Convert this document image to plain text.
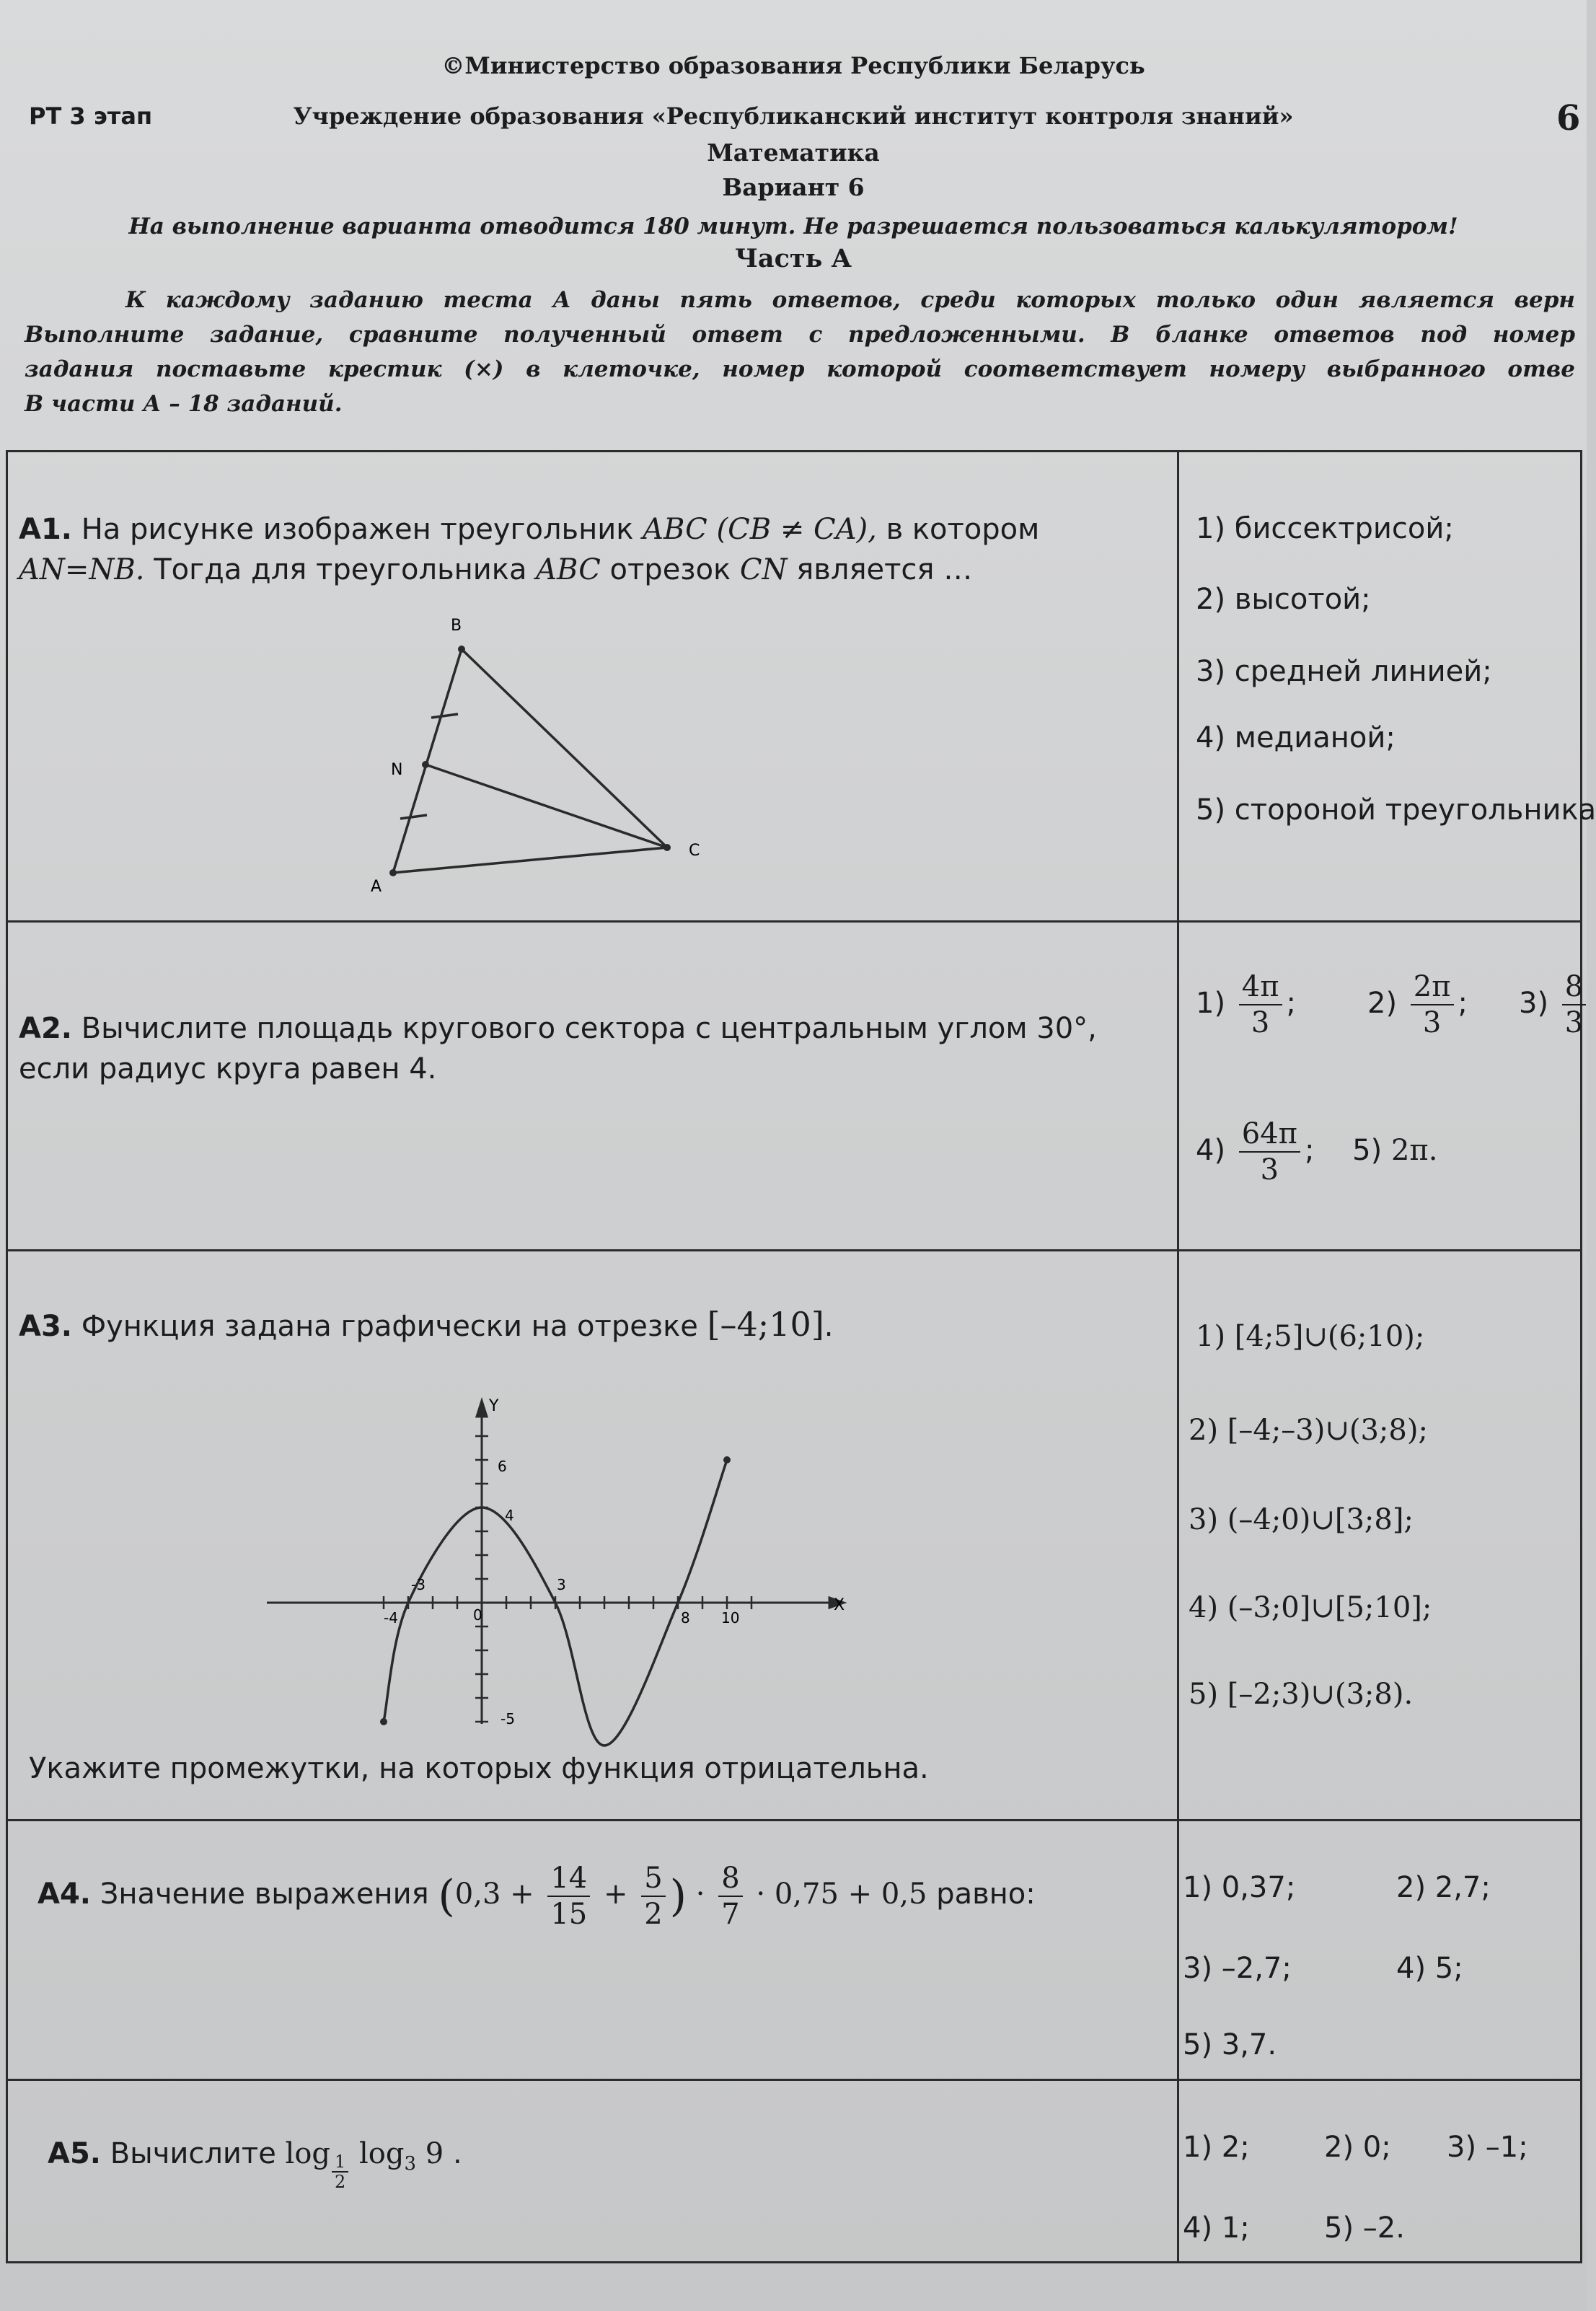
©Министерство образования Республики Беларусь
РТ 3 этап	Учреждение образования «Республиканский институт контроля знаний»	6
Математика
Вариант 6
На выполнение варианта отводится 180 минут. Не разрешается пользоваться калькулятором!
Часть А

К каждому заданию теста А даны пять ответов, среди которых только один является верн

Выполните задание, сравните полученный ответ с предложенными. В бланке ответов под номер

задания поставьте крестик (×) в клеточке, номер которой соответствует номеру выбранного отве

В части А – 18 заданий.

А1. На рисунке изображен треугольник ABC (CB ≠ CA), в котором
AN=NB. Тогда для треугольника ABC отрезок CN является …
B
N
A
C
1) биссектрисой;
2) высотой;
3) средней линией;
4) медианой;
5) стороной треугольника
А2. Вычислите площадь кругового сектора с центральным углом 30°,
если радиус круга равен 4.
$1) \frac{4\pi}{3}$ ; $2) \frac{2\pi}{3}$ ; $3) \frac{8}{3}$
$4) \frac{64\pi}{3}$ ; 5) 2π.
А3. Функция задана графически на отрезке [–4;10].
Y
X
6
4
-3	3
-4	0	8 10
-5
Укажите промежутки, на которых функция отрицательна.
1) [4;5]∪(6;10);
2) [–4;–3)∪(3;8);
3) (–4;0)∪[3;8];
4) (–3;0]∪[5;10];
5) [–2;3)∪(3;8).
А4. Значение выражения ($0,3 + \frac{14}{15} + \frac{5}{2}$ ) · $\frac{8}{7} \cdot 0,75 + 0,5$ равно:	1) 0,37;	2) 2,7;
3) –2,7;	4) 5;
5) 3,7.
А5. Вычислите $\log \frac{1}{2} \log_3 9$ .	1) 2;	2) 0; 3) –1;
4) 1;	5) –2.
